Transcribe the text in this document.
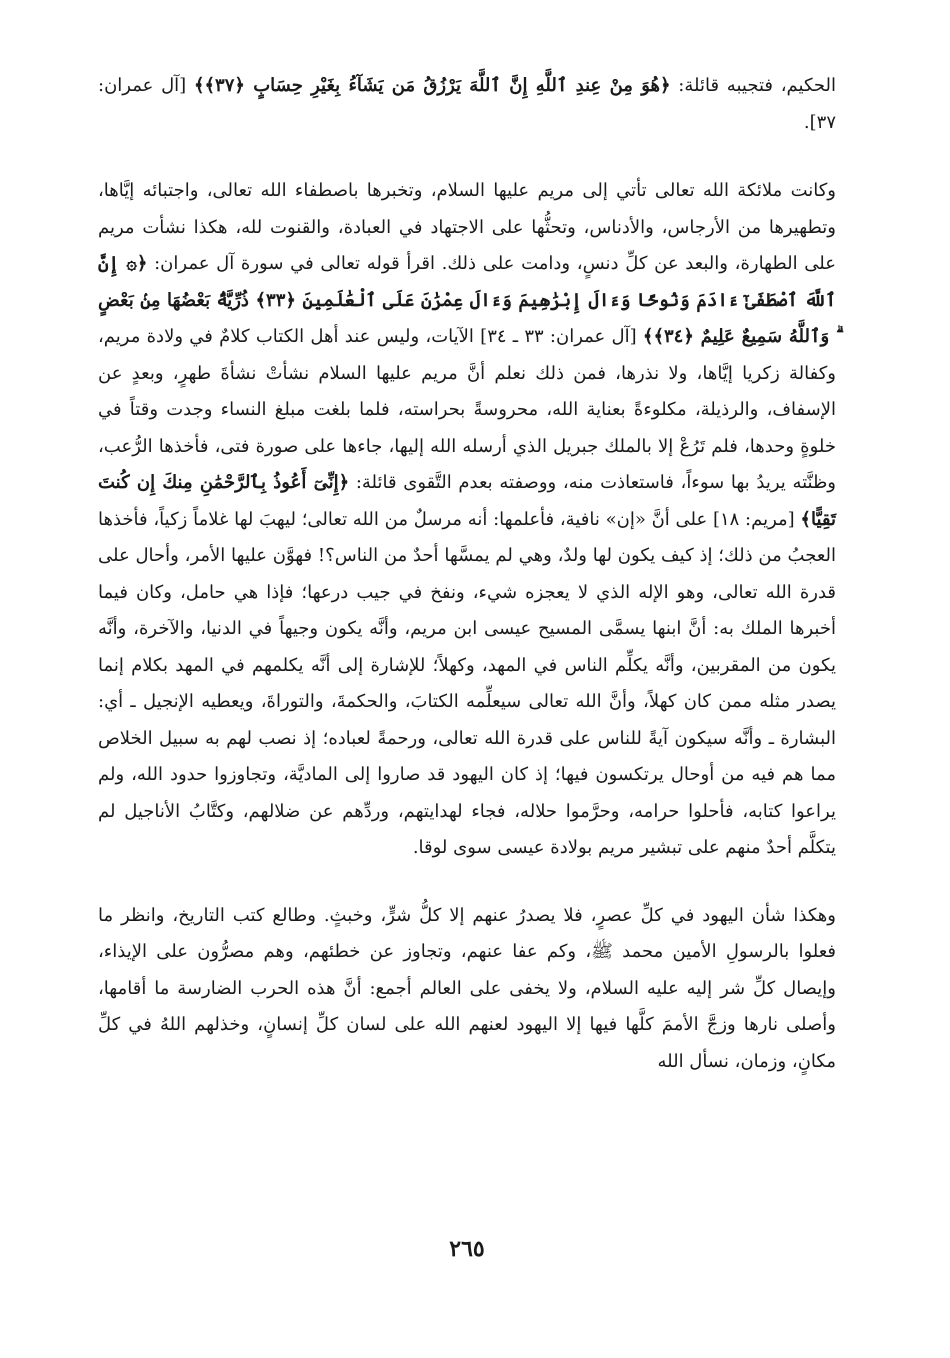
الحكيم، فتجيبه قائلة: ﴿هُوَ مِنْ عِندِ ٱللَّهِ إِنَّ ٱللَّهَ يَرْزُقُ مَن يَشَآءُ بِغَيْرِ حِسَابٍ ﴿٣٧﴾﴾ [آل عمران: ٣٧].

وكانت ملائكة الله تعالى تأتي إلى مريم عليها السلام، وتخبرها باصطفاء الله تعالى، واجتبائه إيَّاها، وتطهيرها من الأرجاس، والأدناس، وتحثُّها على الاجتهاد في العبادة، والقنوت لله، هكذا نشأت مريم على الطهارة، والبعد عن كلِّ دنسٍ، ودامت على ذلك. اقرأ قوله تعالى في سورة آل عمران: ﴿۞ إِنَّ ٱللَّهَ ٱصْطَفَىٰٓ ءَادَمَ وَنُوحًا وَءَالَ إِبْرَٰهِيمَ وَءَالَ عِمْرَٰنَ عَلَى ٱلْعَٰلَمِينَ ﴿٣٣﴾ ذُرِّيَّةًۢ بَعْضُهَا مِنۢ بَعْضٍ ۗ وَٱللَّهُ سَمِيعٌ عَلِيمٌ ﴿٣٤﴾﴾ [آل عمران: ٣٣ ـ ٣٤] الآيات، وليس عند أهل الكتاب كلامٌ في ولادة مريم، وكفالة زكريا إيَّاها، ولا نذرها، فمن ذلك نعلم أنَّ مريم عليها السلام نشأتْ نشأةَ طهرٍ، وبعدٍ عن الإسفاف، والرذيلة، مكلوءةً بعناية الله، محروسةً بحراسته، فلما بلغت مبلغ النساء وجدت وقتاً في خلوةٍ وحدها، فلم تَرُعْ إلا بالملك جبريل الذي أرسله الله إليها، جاءها على صورة فتى، فأخذها الرُّعب، وظنَّته يريدُ بها سوءاً، فاستعاذت منه، ووصفته بعدم التَّقوى قائلة: ﴿إِنِّىٓ أَعُوذُ بِٱلرَّحْمَٰنِ مِنكَ إِن كُنتَ تَقِيًّا﴾ [مريم: ١٨] على أنَّ «إن» نافية، فأعلمها: أنه مرسلٌ من الله تعالى؛ ليهبَ لها غلاماً زكياً، فأخذها العجبُ من ذلك؛ إذ كيف يكون لها ولدٌ، وهي لم يمسَّها أحدٌ من الناس؟! فهوَّن عليها الأمر، وأحال على قدرة الله تعالى، وهو الإله الذي لا يعجزه شيء، ونفخ في جيب درعها؛ فإذا هي حامل، وكان فيما أخبرها الملك به: أنَّ ابنها يسمَّى المسيح عيسى ابن مريم، وأنَّه يكون وجيهاً في الدنيا، والآخرة، وأنَّه يكون من المقربين، وأنَّه يكلِّم الناس في المهد، وكهلاً؛ للإشارة إلى أنَّه يكلمهم في المهد بكلام إنما يصدر مثله ممن كان كهلاً، وأنَّ الله تعالى سيعلِّمه الكتابَ، والحكمةَ، والتوراةَ، ويعطيه الإنجيل ـ أي: البشارة ـ وأنَّه سيكون آيةً للناس على قدرة الله تعالى، ورحمةً لعباده؛ إذ نصب لهم به سبيل الخلاص مما هم فيه من أوحال يرتكسون فيها؛ إذ كان اليهود قد صاروا إلى الماديَّة، وتجاوزوا حدود الله، ولم يراعوا كتابه، فأحلوا حرامه، وحرَّموا حلاله، فجاء لهدايتهم، وردِّهم عن ضلالهم، وكتَّابُ الأناجيل لم يتكلَّم أحدٌ منهم على تبشير مريم بولادة عيسى سوى لوقا.

وهكذا شأن اليهود في كلِّ عصرٍ، فلا يصدرُ عنهم إلا كلُّ شرٍّ، وخبثٍ. وطالع كتب التاريخ، وانظر ما فعلوا بالرسولِ الأمين محمد ﷺ، وكم عفا عنهم، وتجاوز عن خطئهم، وهم مصرُّون على الإيذاء، وإيصال كلِّ شر إليه عليه السلام، ولا يخفى على العالم أجمع: أنَّ هذه الحرب الضارسة ما أقامها، وأصلى نارها وزجَّ الأممَ كلَّها فيها إلا اليهود لعنهم الله على لسان كلِّ إنسانٍ، وخذلهم اللهُ في كلِّ مكانٍ، وزمان، نسأل الله

٢٦٥
